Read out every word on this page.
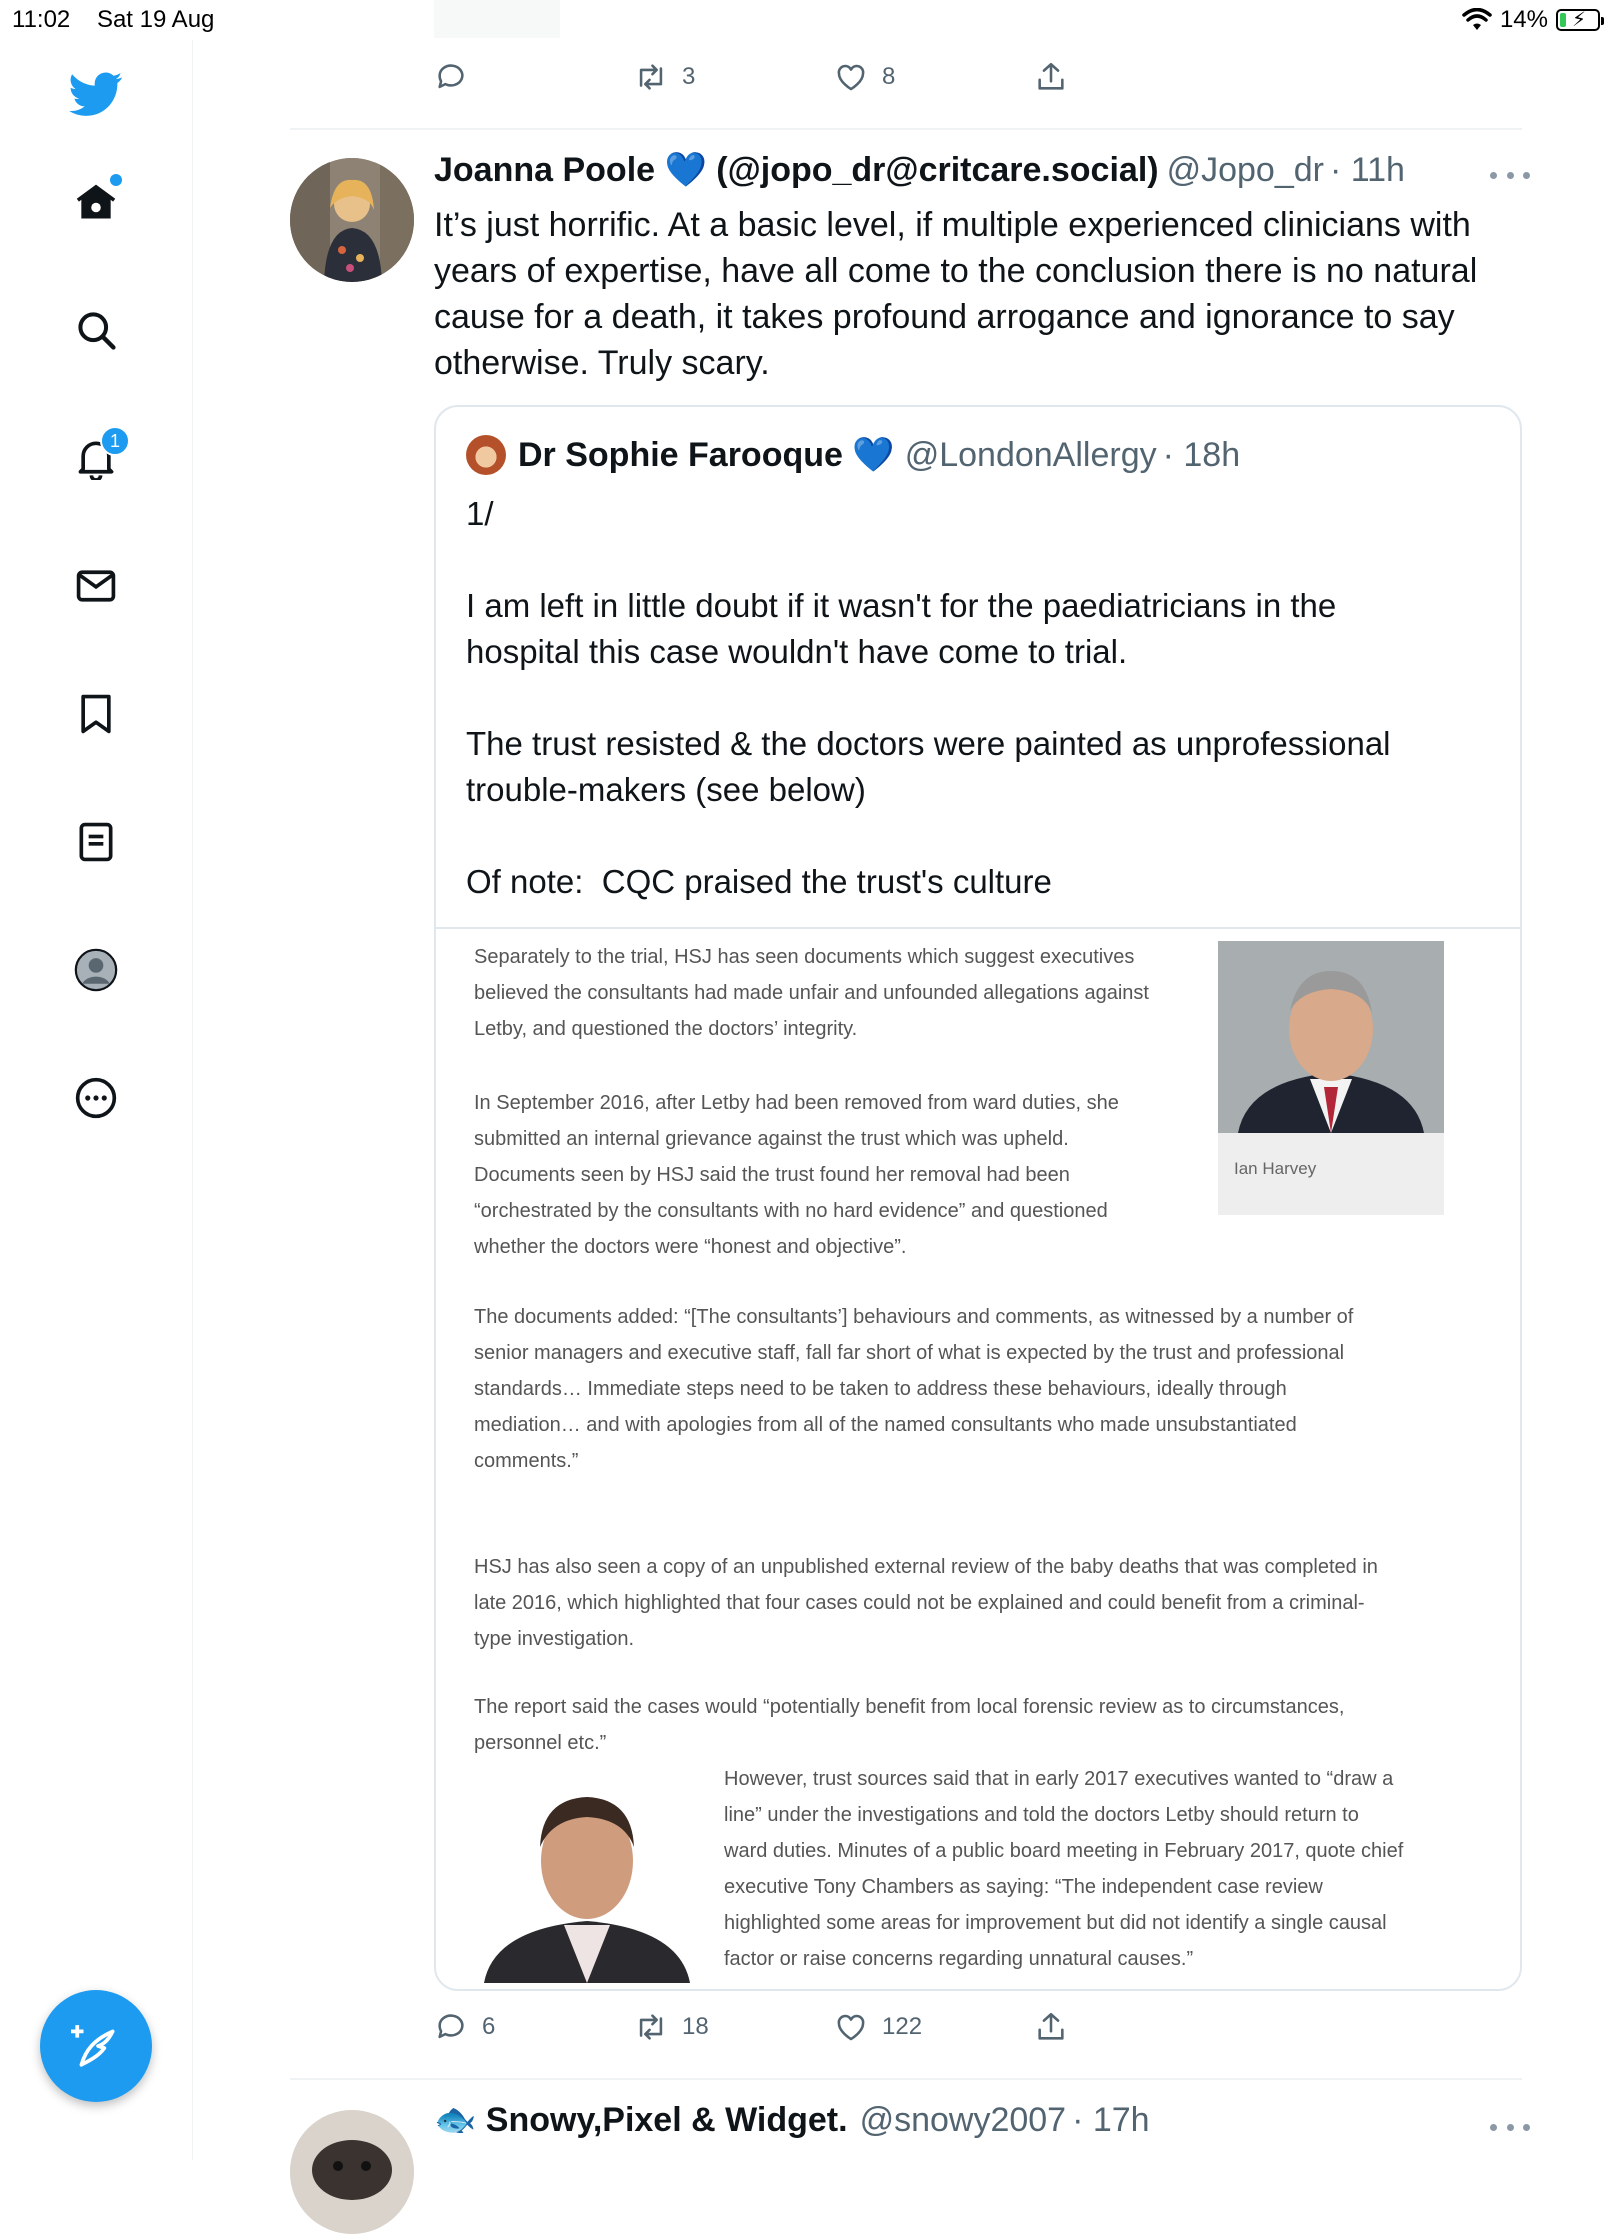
11:02 Sat 19 Aug	14% ⚡
1
3	8
Joanna Poole 💙 (@jopo_dr@critcare.social) @Jopo_dr · 11h

It’s just horrific. At a basic level, if multiple experienced clinicians with
years of expertise, have all come to the conclusion there is no natural
cause for a death, it takes profound arrogance and ignorance to say
otherwise. Truly scary.

Dr Sophie Farooque 💙 @LondonAllergy · 18h

1/

I am left in little doubt if it wasn't for the paediatricians in the
hospital this case wouldn't have come to trial.

The trust resisted & the doctors were painted as unprofessional
trouble-makers (see below)

Of note:  CQC praised the trust's culture

Separately to the trial, HSJ has seen documents which suggest executives
believed the consultants had made unfair and unfounded allegations against
Letby, and questioned the doctors’ integrity.

Ian Harvey

In September 2016, after Letby had been removed from ward duties, she
submitted an internal grievance against the trust which was upheld.
Documents seen by HSJ said the trust found her removal had been
“orchestrated by the consultants with no hard evidence” and questioned
whether the doctors were “honest and objective”.

The documents added: “[The consultants’] behaviours and comments, as witnessed by a number of
senior managers and executive staff, fall far short of what is expected by the trust and professional
standards… Immediate steps need to be taken to address these behaviours, ideally through
mediation… and with apologies from all of the named consultants who made unsubstantiated
comments.”

HSJ has also seen a copy of an unpublished external review of the baby deaths that was completed in
late 2016, which highlighted that four cases could not be explained and could benefit from a criminal-
type investigation.

The report said the cases would “potentially benefit from local forensic review as to circumstances,
personnel etc.”

However, trust sources said that in early 2017 executives wanted to “draw a
line” under the investigations and told the doctors Letby should return to
ward duties. Minutes of a public board meeting in February 2017, quote chief
executive Tony Chambers as saying: “The independent case review
highlighted some areas for improvement but did not identify a single causal
factor or raise concerns regarding unnatural causes.”

6	18	122
🐟 Snowy,Pixel & Widget. @snowy2007 · 17h
